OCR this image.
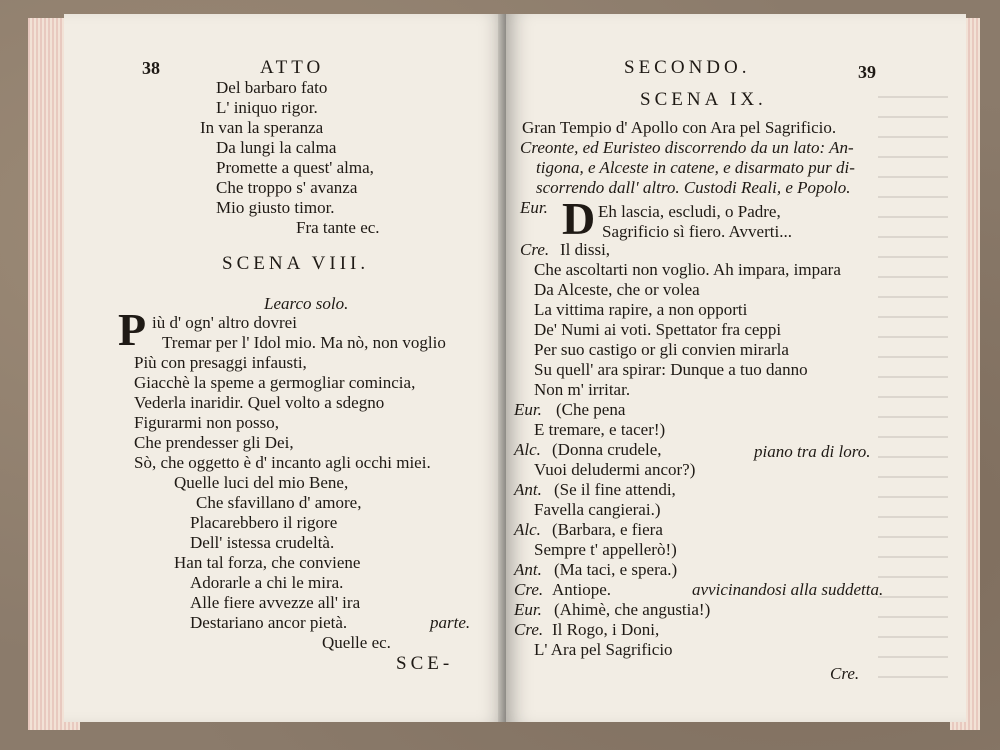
38	ATTO
Del barbaro fato
L' iniquo rigor.
In van la speranza
Da lungi la calma
Promette a quest' alma,
Che troppo s' avanza
Mio giusto timor.
Fra tante ec.
SCENA VIII.
Learco solo.
P iù d' ogn' altro dovrei
Tremar per l' Idol mio. Ma nò, non voglio
Più con presaggi infausti,
Giacchè la speme a germogliar comincia,
Vederla inaridir. Quel volto a sdegno
Figurarmi non posso,
Che prendesser gli Dei,
Sò, che oggetto è d' incanto agli occhi miei.
Quelle luci del mio Bene,
Che sfavillano d' amore,
Placarebbero il rigore
Dell' istessa crudeltà.
Han tal forza, che conviene
Adorarle a chi le mira.
Alle fiere avvezze all' ira
Destariano ancor pietà.	parte.
Quelle ec.
SCE-
SECONDO.	39
SCENA IX.
Gran Tempio d' Apollo con Ara pel Sagrificio.
Creonte, ed Euristeo discorrendo da un lato: An-
tigona, e Alceste in catene, e disarmato pur di-
scorrendo dall' altro. Custodi Reali, e Popolo.
Eur. D Eh lascia, escludi, o Padre,
Sagrificio sì fiero. Avverti...
Cre. Il dissi,
Che ascoltarti non voglio. Ah impara, impara
Da Alceste, che or volea
La vittima rapire, a non opporti
De' Numi ai voti. Spettator fra ceppi
Per suo castigo or gli convien mirarla
Su quell' ara spirar: Dunque a tuo danno
Non m' irritar.
Eur. (Che pena
E tremare, e tacer!)
Alc. (Donna crudele,	piano tra di loro.
Vuoi deludermi ancor?)
Ant. (Se il fine attendi,
Favella cangierai.)
Alc. (Barbara, e fiera
Sempre t' appellerò!)
Ant. (Ma taci, e spera.)
Cre. Antiope.	avvicinandosi alla suddetta.
Eur. (Ahimè, che angustia!)
Cre. Il Rogo, i Doni,
L' Ara pel Sagrificio
Cre.
